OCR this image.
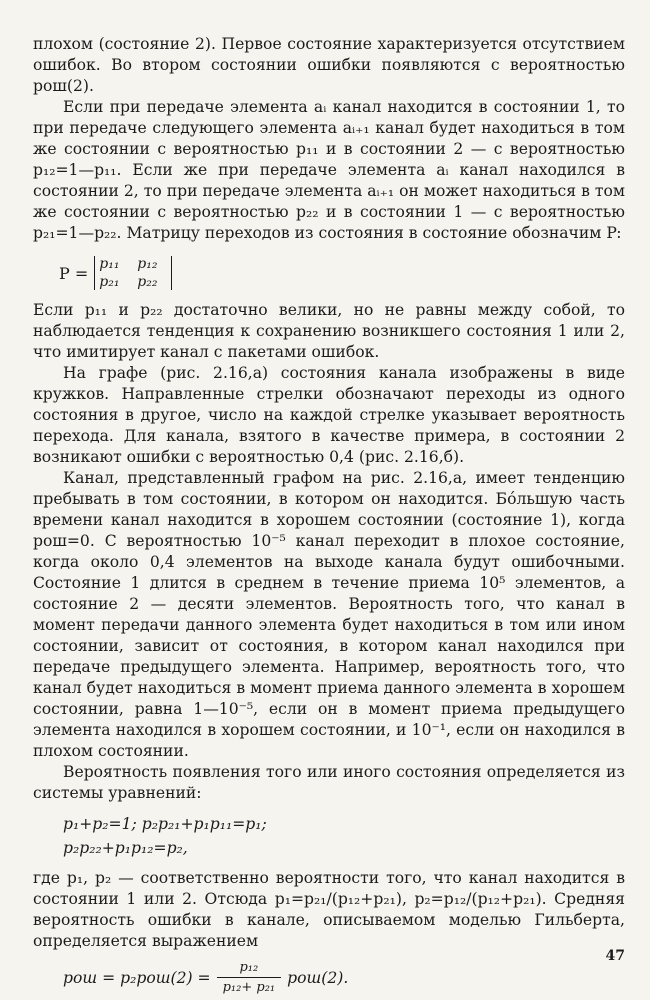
плохом (состояние 2). Первое состояние характеризуется отсутствием ошибок. Во втором состоянии ошибки появляются с вероятностью pош(2).

Если при передаче элемента aᵢ канал находится в состоянии 1, то при передаче следующего элемента aᵢ₊₁ канал будет находиться в том же состоянии с вероятностью p₁₁ и в состоянии 2 — с вероятностью p₁₂=1—p₁₁. Если же при передаче элемента aᵢ канал находился в состоянии 2, то при передаче элемента aᵢ₊₁ он может находиться в том же состоянии с вероятностью p₂₂ и в состоянии 1 — с вероятностью p₂₁=1—p₂₂. Матрицу переходов из состояния в состояние обозначим P:

P = p₁₁	p₁₂
p₂₁	p₂₂

Если p₁₁ и p₂₂ достаточно велики, но не равны между собой, то наблюдается тенденция к сохранению возникшего состояния 1 или 2, что имитирует канал с пакетами ошибок.

На графе (рис. 2.16,а) состояния канала изображены в виде кружков. Направленные стрелки обозначают переходы из одного состояния в другое, число на каждой стрелке указывает вероятность перехода. Для канала, взятого в качестве примера, в состоянии 2 возникают ошибки с вероятностью 0,4 (рис. 2.16,б).

Канал, представленный графом на рис. 2.16,а, имеет тенденцию пребывать в том состоянии, в котором он находится. Бóльшую часть времени канал находится в хорошем состоянии (состояние 1), когда pош=0. С вероятностью 10⁻⁵ канал переходит в плохое состояние, когда около 0,4 элементов на выходе канала будут ошибочными. Состояние 1 длится в среднем в течение приема 10⁵ элементов, а состояние 2 — десяти элементов. Вероятность того, что канал в момент передачи данного элемента будет находиться в том или ином состоянии, зависит от состояния, в котором канал находился при передаче предыдущего элемента. Например, вероятность того, что канал будет находиться в момент приема данного элемента в хорошем состоянии, равна 1—10⁻⁵, если он в момент приема предыдущего элемента находился в хорошем состоянии, и 10⁻¹, если он находился в плохом состоянии.

Вероятность появления того или иного состояния определяется из системы уравнений:

p₁+p₂=1; p₂p₂₁+p₁p₁₁=p₁;
p₂p₂₂+p₁p₁₂=p₂,

где p₁, p₂ — соответственно вероятности того, что канал находится в состоянии 1 или 2. Отсюда p₁=p₂₁/(p₁₂+p₂₁), p₂=p₁₂/(p₁₂+p₂₁). Средняя вероятность ошибки в канале, описываемом моделью Гильберта, определяется выражением

pош = $p_2pош(2) = \frac{\text{p₁₂}}{\text{p₁₂+ p₂₁}} pош(2)$.
47
